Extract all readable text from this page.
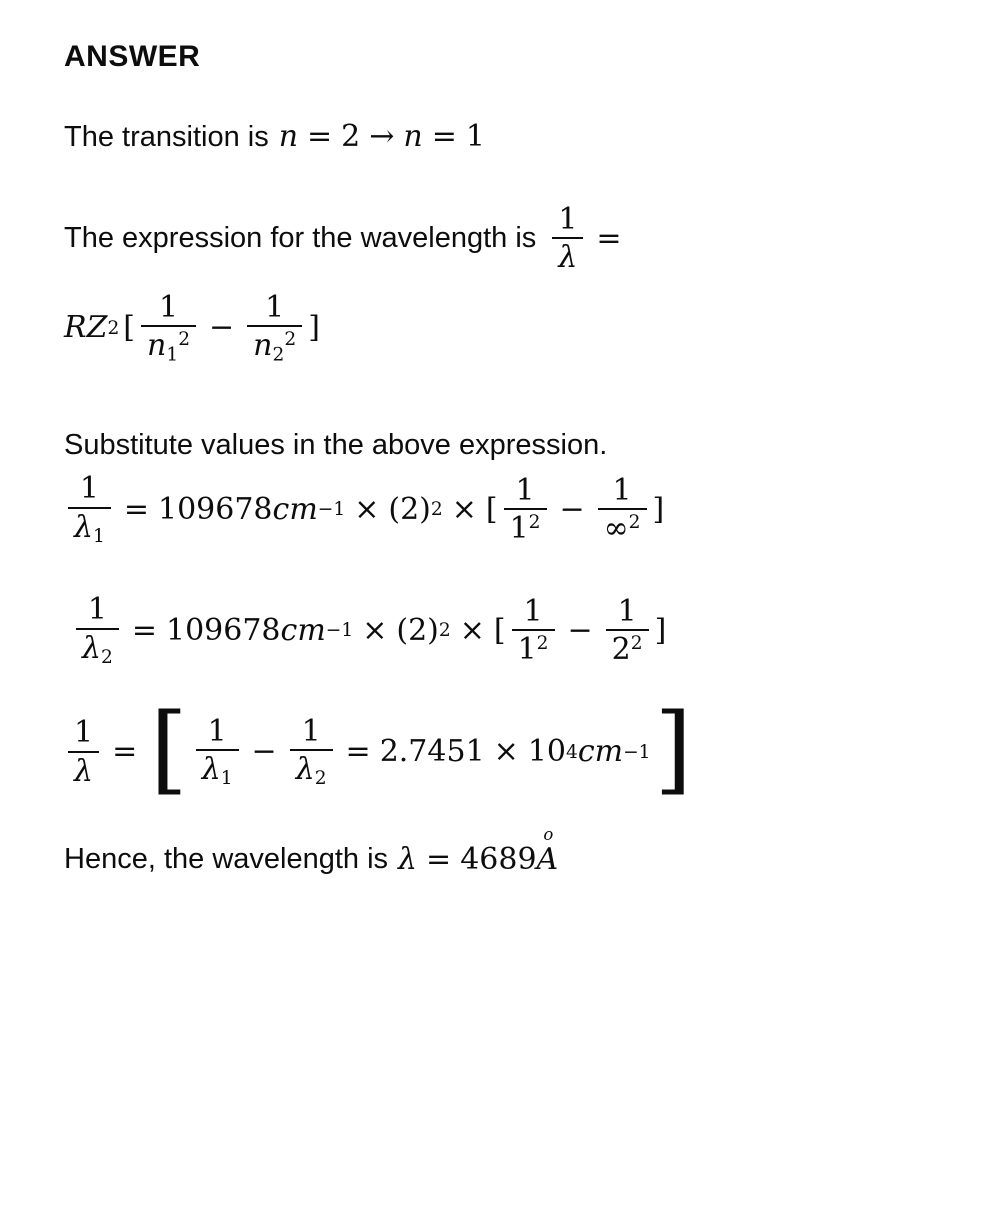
ANSWER
The transition is n = 2 → n = 1
The expression for the wavelength is $\frac{1}{\lambda}$ =
R Z 2 [ $\frac{1}{n_1^2} - \frac{1}{n_2^2}$ ]
Substitute values in the above expression.
$\frac{1}{\lambda_1} = 109678$ cm −1 × ( 2 ) 2 × [ $\frac{1}{1^2} - \frac{1}{\infty^2}$ ]
$\frac{1}{\lambda_2} = 109678$ cm −1 × ( 2 ) 2 × [ $\frac{1}{1^2} - \frac{1}{2^2}$ ]
$\frac{1}{\lambda}$ = [ $\frac{1}{\lambda_1} - \frac{1}{\lambda_2} = 2.7451 \times 10$ 4 cm −1 ]
Hence, the wavelength is λ = 4689
o
A
